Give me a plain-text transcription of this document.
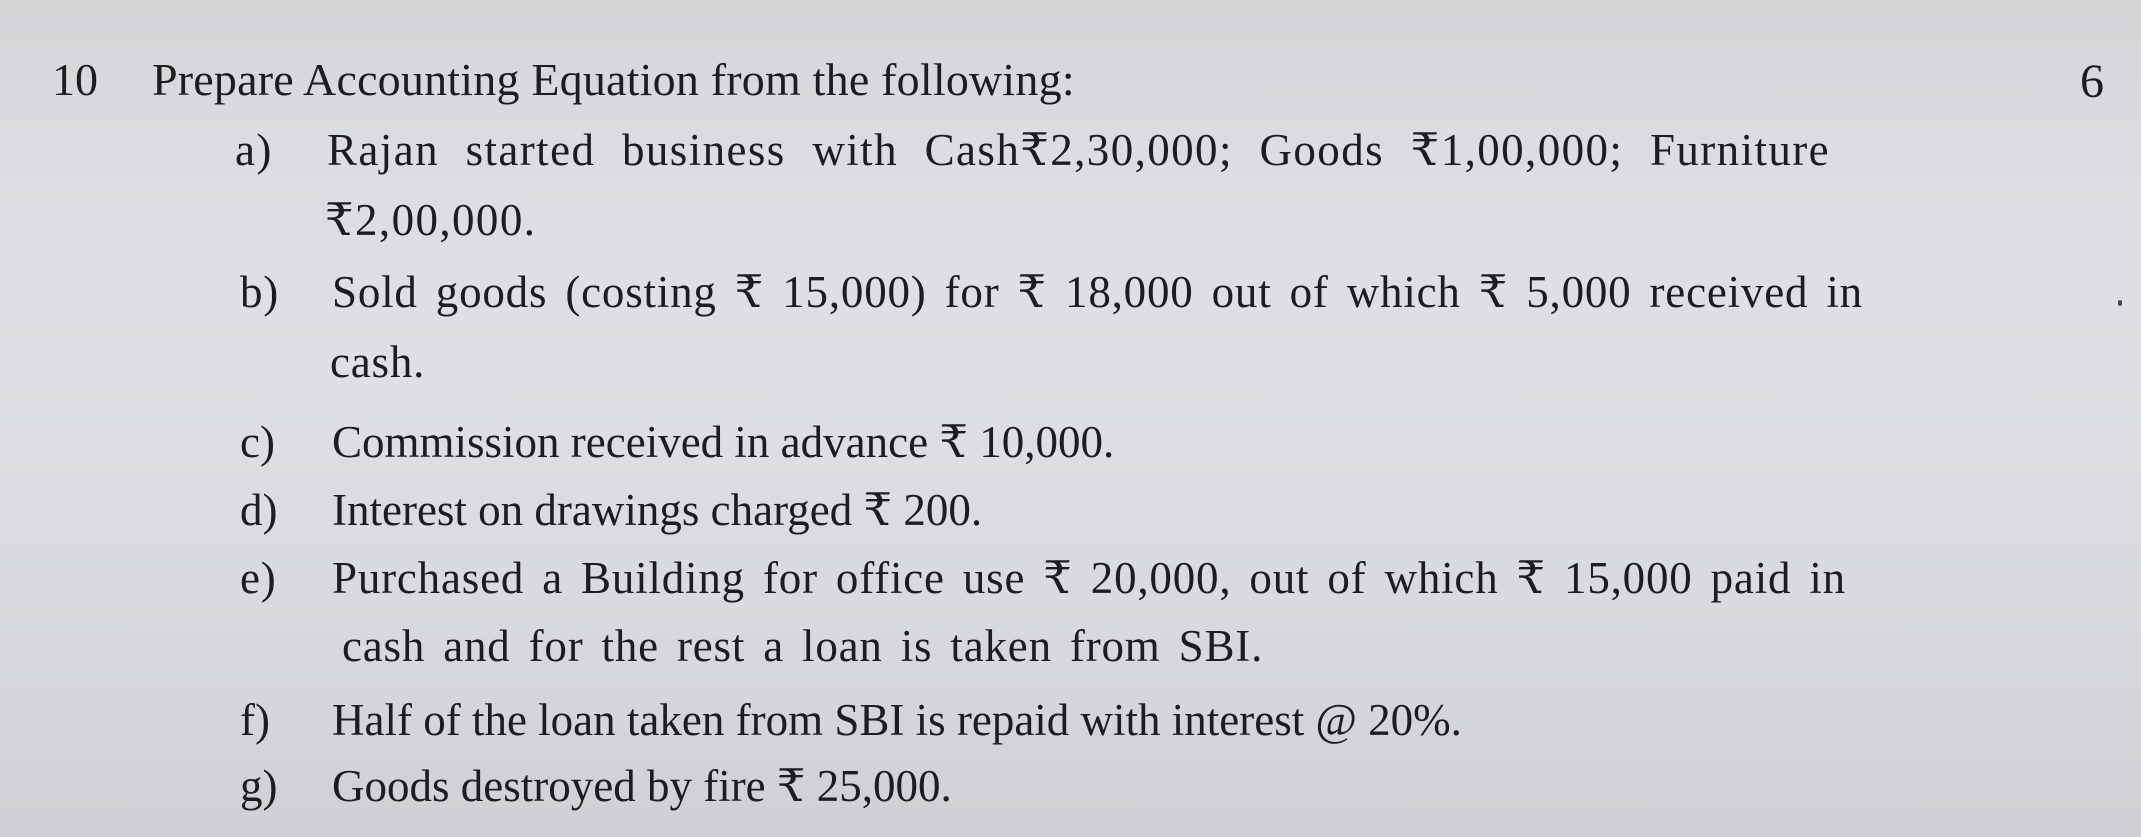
10 Prepare Accounting Equation from the following:	6
a) Rajan started business with Cash₹2,30,000; Goods ₹1,00,000; Furniture
₹2,00,000.
b) Sold goods (costing ₹ 15,000) for ₹ 18,000 out of which ₹ 5,000 received in
cash.
c) Commission received in advance ₹ 10,000.
d) Interest on drawings charged ₹ 200.
e) Purchased a Building for office use ₹ 20,000, out of which ₹ 15,000 paid in
cash and for the rest a loan is taken from SBI.
f) Half of the loan taken from SBI is repaid with interest @ 20%.
g) Goods destroyed by fire ₹ 25,000.
